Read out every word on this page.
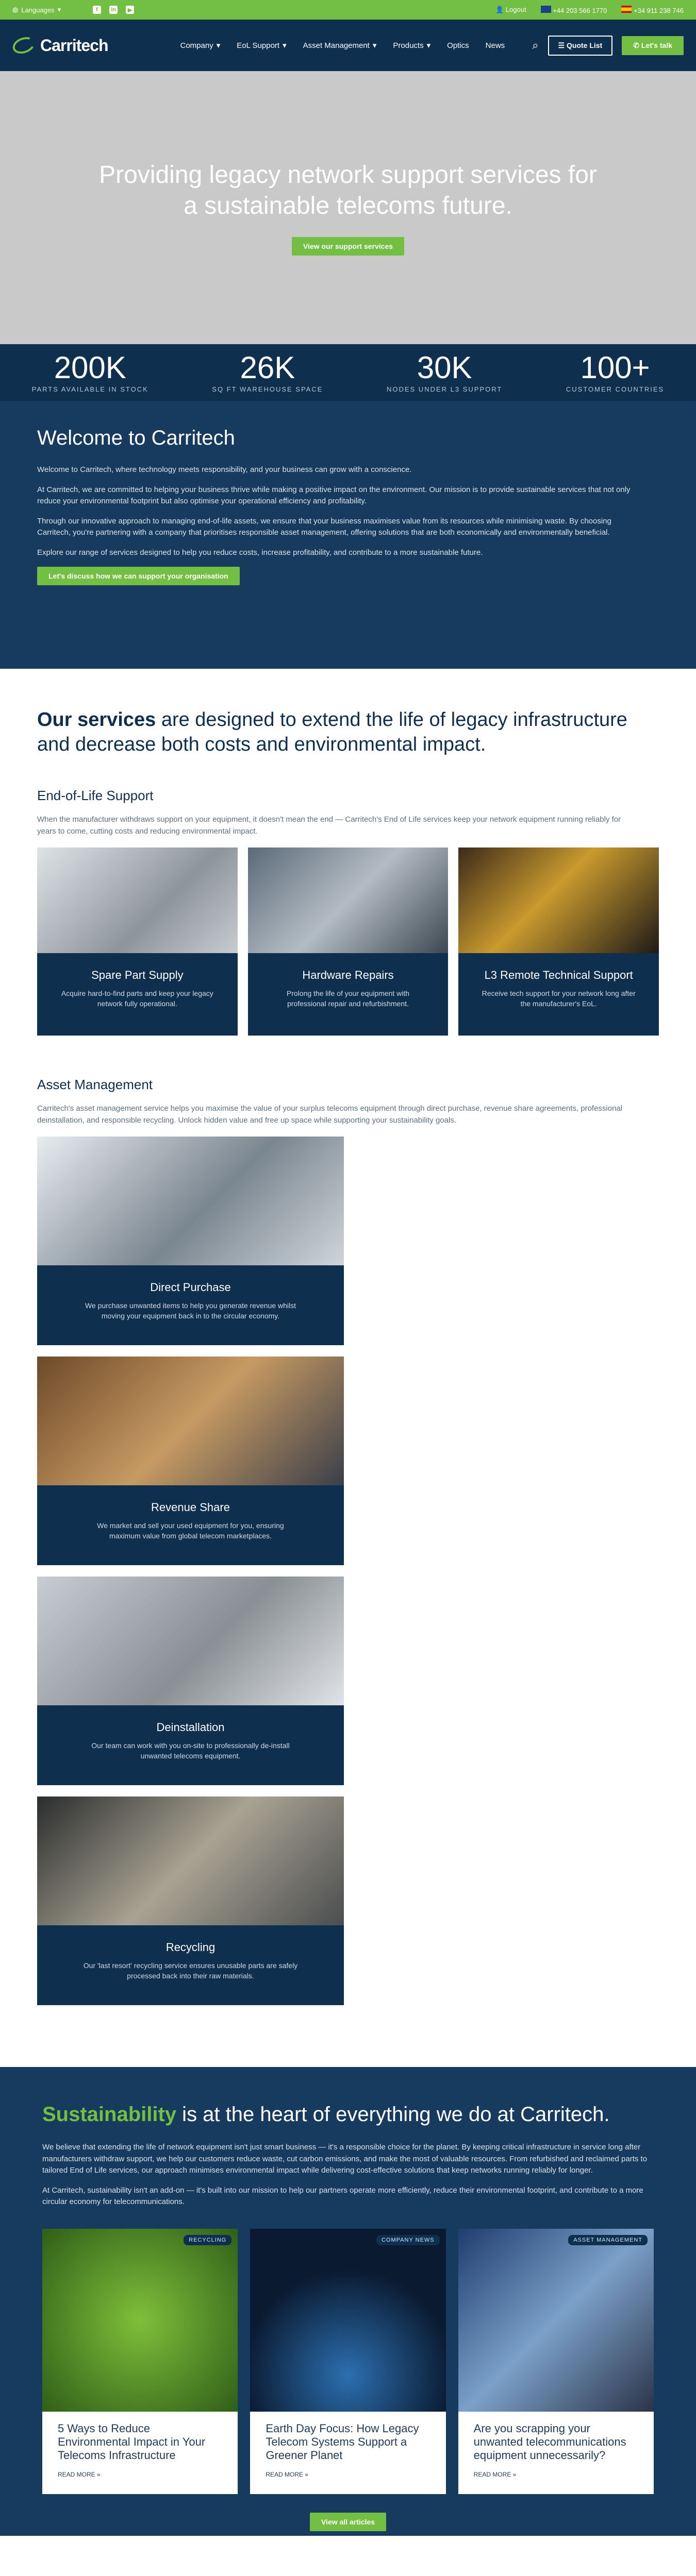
◍ Languages ▾	f	in	▶	👤 Logout	+44 203 566 1770	+34 911 238 746
Carritech	Company ▾ EoL Support ▾ Asset Management ▾ Products ▾ Optics News ⌕	☰ Quote List	✆ Let's talk
Providing legacy network support services for a sustainable telecoms future.
View our support services
200K
PARTS AVAILABLE IN STOCK
26K
SQ FT WAREHOUSE SPACE
30K
NODES UNDER L3 SUPPORT
100+
CUSTOMER COUNTRIES
Welcome to Carritech

Welcome to Carritech, where technology meets responsibility, and your business can grow with a conscience.

At Carritech, we are committed to helping your business thrive while making a positive impact on the environment. Our mission is to provide sustainable services that not only reduce your environmental footprint but also optimise your operational efficiency and profitability.

Through our innovative approach to managing end-of-life assets, we ensure that your business maximises value from its resources while minimising waste. By choosing Carritech, you're partnering with a company that prioritises responsible asset management, offering solutions that are both economically and environmentally beneficial.

Explore our range of services designed to help you reduce costs, increase profitability, and contribute to a more sustainable future.

Let's discuss how we can support your organisation
Our services are designed to extend the life of legacy infrastructure and decrease both costs and environmental impact.
End-of-Life Support

When the manufacturer withdraws support on your equipment, it doesn't mean the end — Carritech's End of Life services keep your network equipment running reliably for years to come, cutting costs and reducing environmental impact.

Spare Part Supply
Acquire hard-to-find parts and keep your legacy network fully operational.
Hardware Repairs
Prolong the life of your equipment with professional repair and refurbishment.
L3 Remote Technical Support
Receive tech support for your network long after the manufacturer's EoL.
Asset Management

Carritech's asset management service helps you maximise the value of your surplus telecoms equipment through direct purchase, revenue share agreements, professional deinstallation, and responsible recycling. Unlock hidden value and free up space while supporting your sustainability goals.

Direct Purchase
We purchase unwanted items to help you generate revenue whilst moving your equipment back in to the circular economy.
Revenue Share
We market and sell your used equipment for you, ensuring maximum value from global telecom marketplaces.
Deinstallation
Our team can work with you on-site to professionally de-install unwanted telecoms equipment.
Recycling
Our 'last resort' recycling service ensures unusable parts are safely processed back into their raw materials.
Sustainability is at the heart of everything we do at Carritech.

We believe that extending the life of network equipment isn't just smart business — it's a responsible choice for the planet. By keeping critical infrastructure in service long after manufacturers withdraw support, we help our customers reduce waste, cut carbon emissions, and make the most of valuable resources. From refurbished and reclaimed parts to tailored End of Life services, our approach minimises environmental impact while delivering cost-effective solutions that keep networks running reliably for longer.

At Carritech, sustainability isn't an add-on — it's built into our mission to help our partners operate more efficiently, reduce their environmental footprint, and contribute to a more circular economy for telecommunications.

RECYCLING
5 Ways to Reduce Environmental Impact in Your Telecoms Infrastructure
READ MORE »
COMPANY NEWS
Earth Day Focus: How Legacy Telecom Systems Support a Greener Planet
READ MORE »
ASSET MANAGEMENT
Are you scrapping your unwanted telecommunications equipment unnecessarily?
READ MORE »
View all articles
